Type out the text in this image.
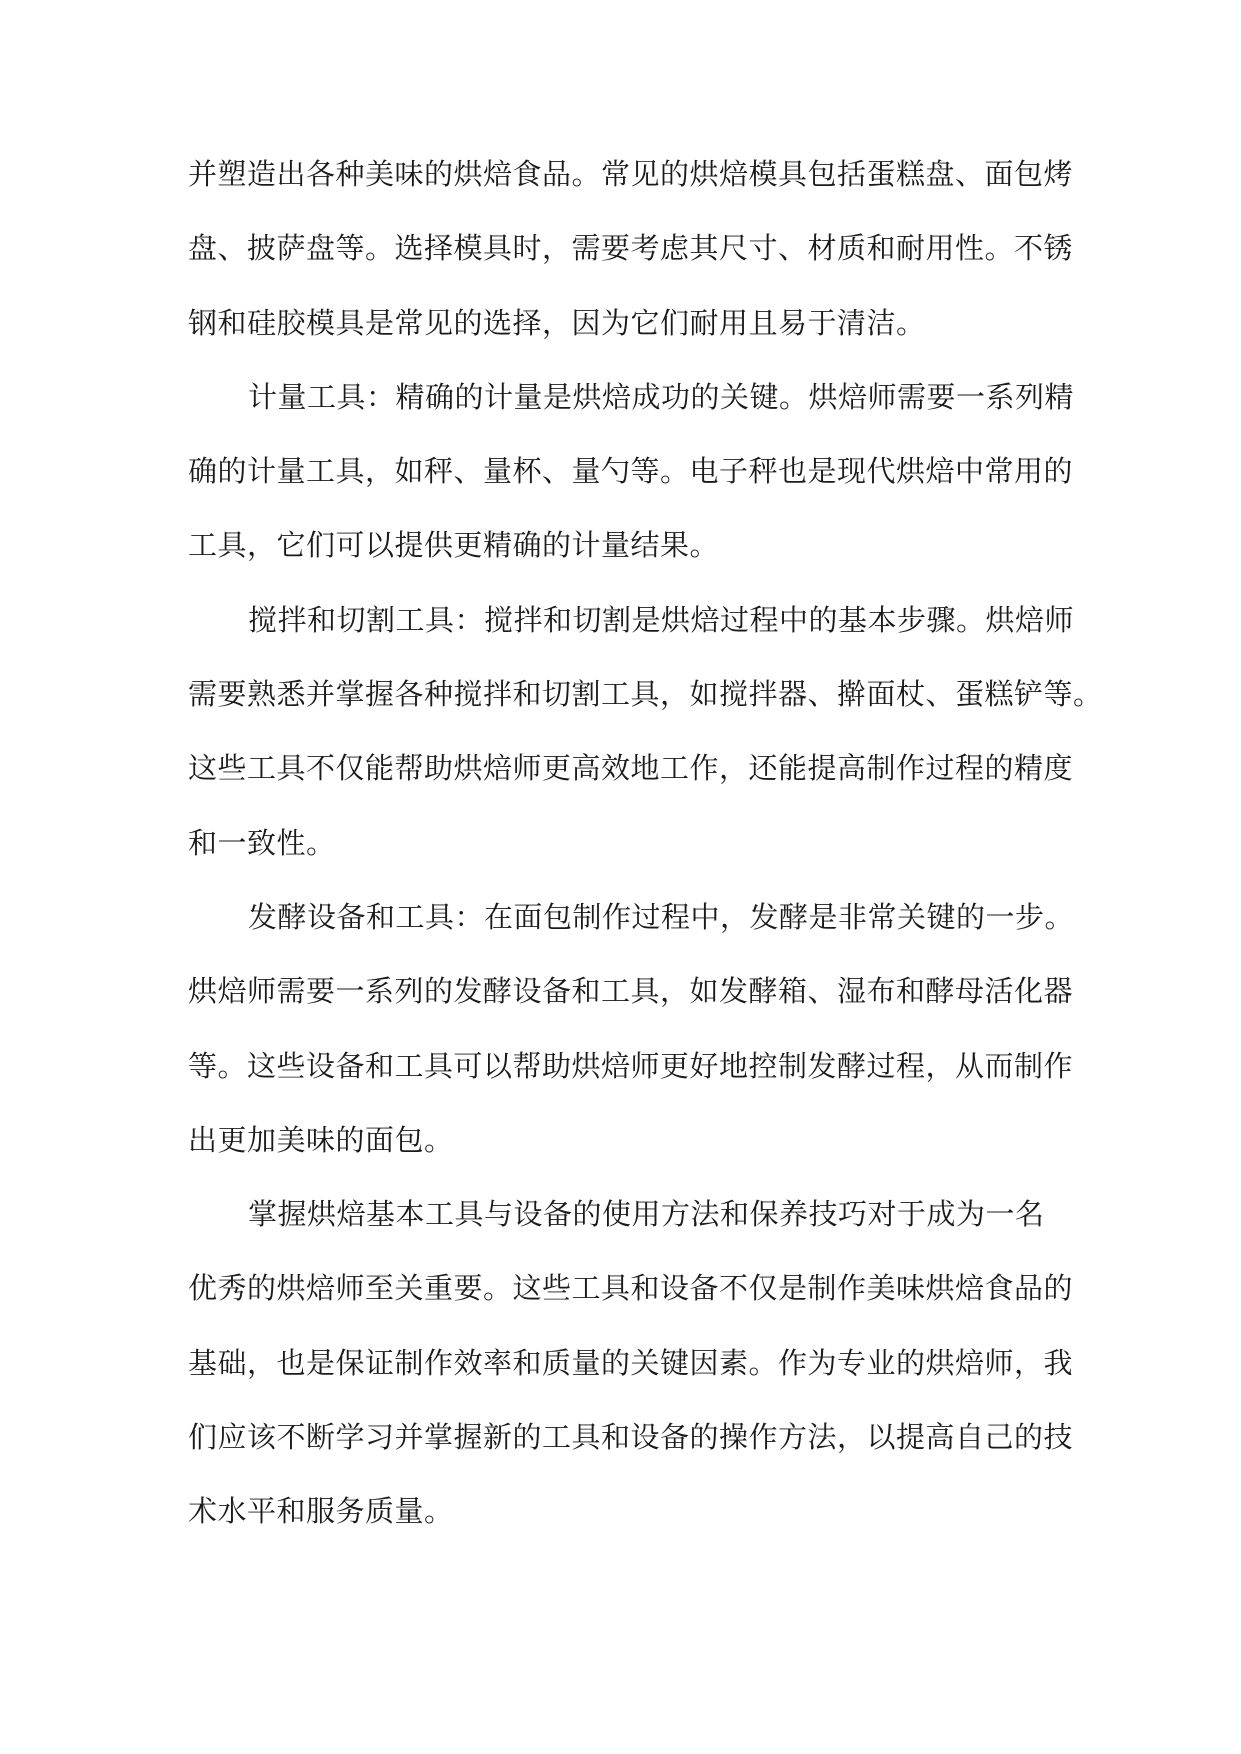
并塑造出各种美味的烘焙食品。常见的烘焙模具包括蛋糕盘、面包烤
盘、披萨盘等。选择模具时，需要考虑其尺寸、材质和耐用性。不锈
钢和硅胶模具是常见的选择，因为它们耐用且易于清洁。
计量工具：精确的计量是烘焙成功的关键。烘焙师需要一系列精
确的计量工具，如秤、量杯、量勺等。电子秤也是现代烘焙中常用的
工具，它们可以提供更精确的计量结果。
搅拌和切割工具：搅拌和切割是烘焙过程中的基本步骤。烘焙师
需要熟悉并掌握各种搅拌和切割工具，如搅拌器、擀面杖、蛋糕铲等。
这些工具不仅能帮助烘焙师更高效地工作，还能提高制作过程的精度
和一致性。
发酵设备和工具：在面包制作过程中，发酵是非常关键的一步。
烘焙师需要一系列的发酵设备和工具，如发酵箱、湿布和酵母活化器
等。这些设备和工具可以帮助烘焙师更好地控制发酵过程，从而制作
出更加美味的面包。
掌握烘焙基本工具与设备的使用方法和保养技巧对于成为一名
优秀的烘焙师至关重要。这些工具和设备不仅是制作美味烘焙食品的
基础，也是保证制作效率和质量的关键因素。作为专业的烘焙师，我
们应该不断学习并掌握新的工具和设备的操作方法，以提高自己的技
术水平和服务质量。
